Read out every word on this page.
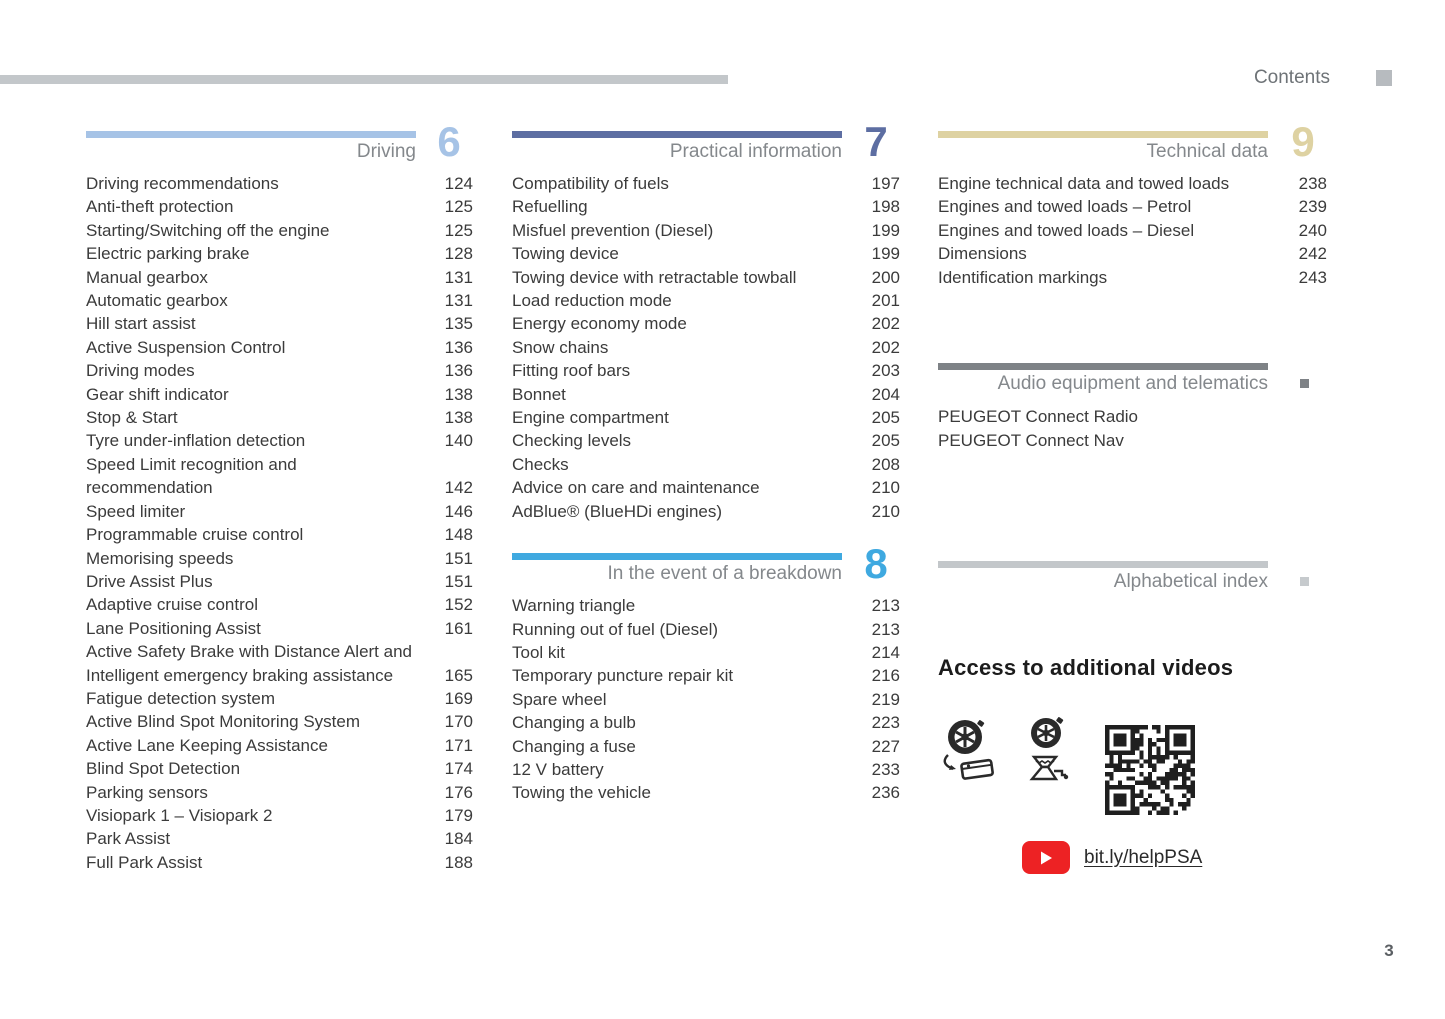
Contents
Driving 6
Driving recommendations	124
Anti-theft protection	125
Starting/Switching off the engine	125
Electric parking brake	128
Manual gearbox	131
Automatic gearbox	131
Hill start assist	135
Active Suspension Control	136
Driving modes	136
Gear shift indicator	138
Stop & Start	138
Tyre under-inflation detection	140
Speed Limit recognition and recommendation	142
Speed limiter	146
Programmable cruise control	148
Memorising speeds	151
Drive Assist Plus	151
Adaptive cruise control	152
Lane Positioning Assist	161
Active Safety Brake with Distance Alert and Intelligent emergency braking assistance	165
Fatigue detection system	169
Active Blind Spot Monitoring System	170
Active Lane Keeping Assistance	171
Blind Spot Detection	174
Parking sensors	176
Visiopark 1 – Visiopark 2	179
Park Assist	184
Full Park Assist	188
Practical information 7
Compatibility of fuels	197
Refuelling	198
Misfuel prevention (Diesel)	199
Towing device	199
Towing device with retractable towball	200
Load reduction mode	201
Energy economy mode	202
Snow chains	202
Fitting roof bars	203
Bonnet	204
Engine compartment	205
Checking levels	205
Checks	208
Advice on care and maintenance	210
AdBlue® (BlueHDi engines)	210
In the event of a breakdown 8
Warning triangle	213
Running out of fuel (Diesel)	213
Tool kit	214
Temporary puncture repair kit	216
Spare wheel	219
Changing a bulb	223
Changing a fuse	227
12 V battery	233
Towing the vehicle	236
Technical data 9
Engine technical data and towed loads	238
Engines and towed loads – Petrol	239
Engines and towed loads – Diesel	240
Dimensions	242
Identification markings	243
Audio equipment and telematics
PEUGEOT Connect Radio
PEUGEOT Connect Nav
Alphabetical index
Access to additional videos
bit.ly/helpPSA
3
